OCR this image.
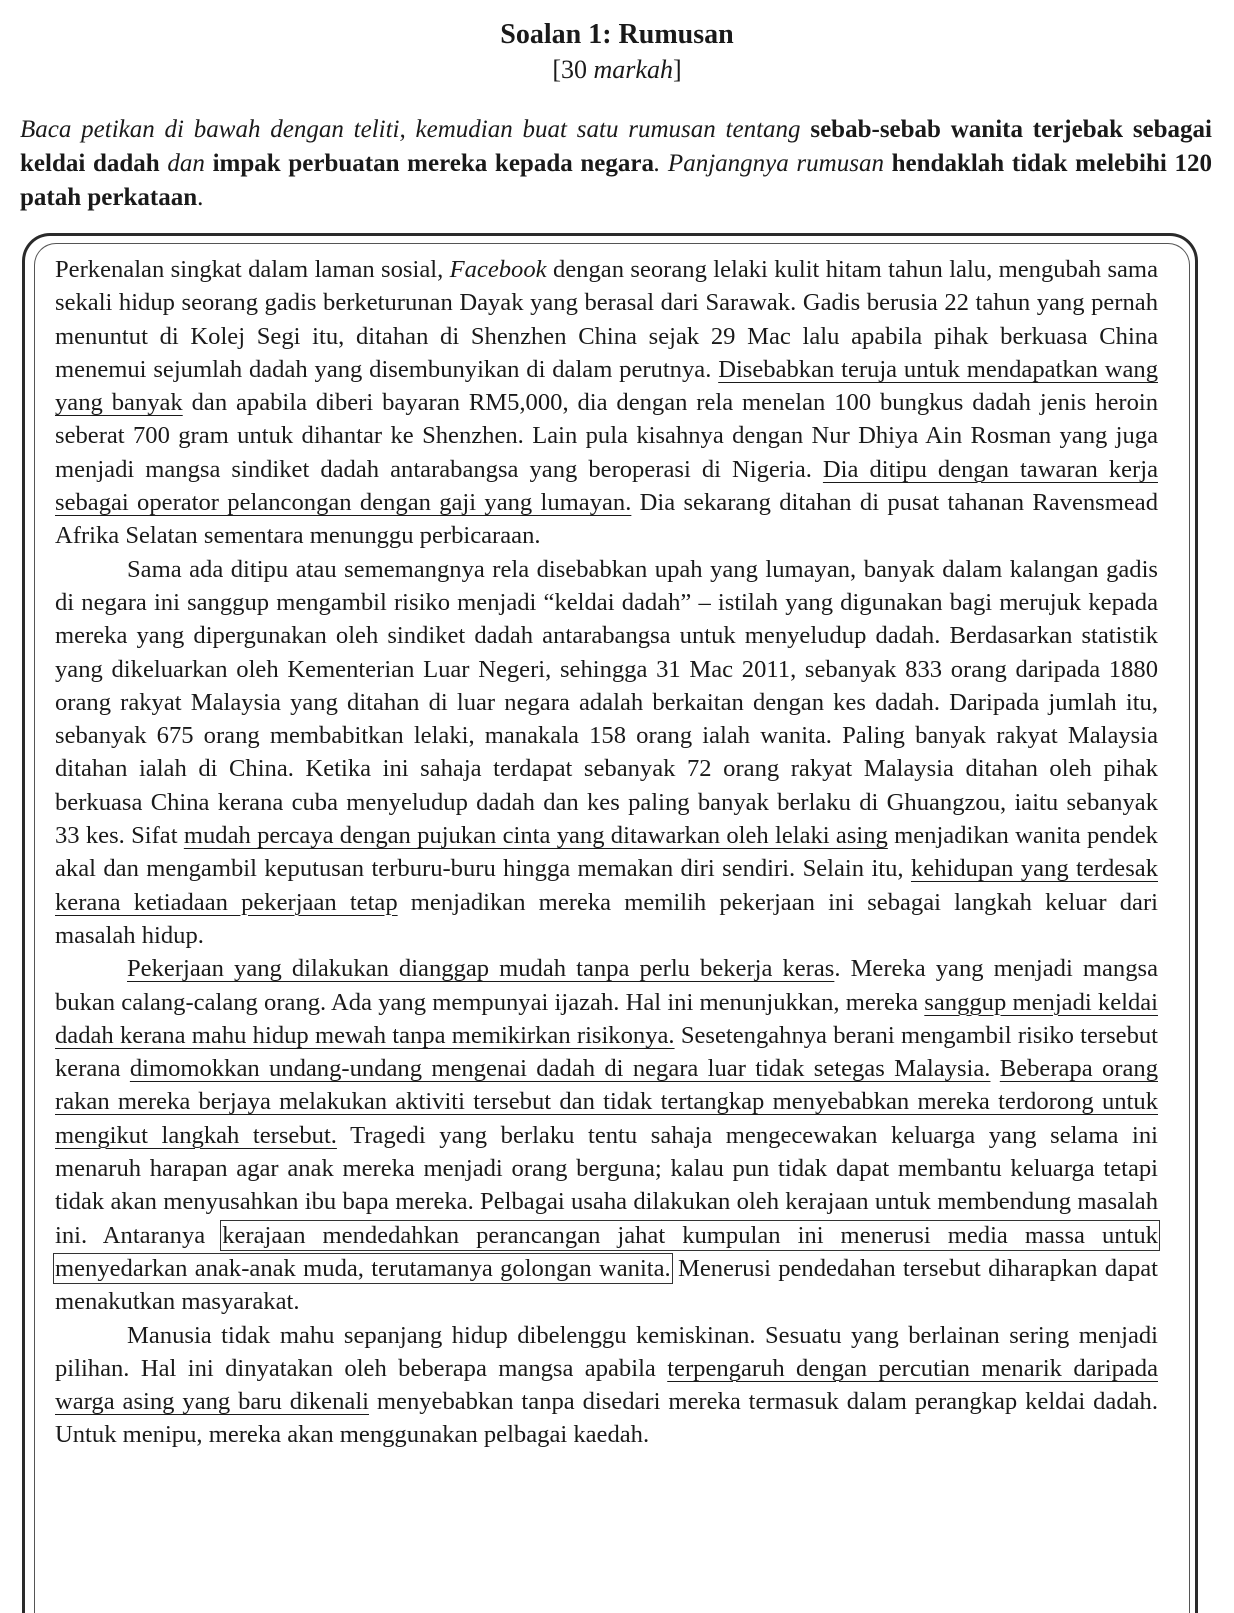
Soalan 1: Rumusan
[30 markah]
Baca petikan di bawah dengan teliti, kemudian buat satu rumusan tentang sebab-sebab wanita terjebak sebagai keldai dadah dan impak perbuatan mereka kepada negara. Panjangnya rumusan hendaklah tidak melebihi 120 patah perkataan.

Perkenalan singkat dalam laman sosial, Facebook dengan seorang lelaki kulit hitam tahun lalu, mengubah sama sekali hidup seorang gadis berketurunan Dayak yang berasal dari Sarawak. Gadis berusia 22 tahun yang pernah menuntut di Kolej Segi itu, ditahan di Shenzhen China sejak 29 Mac lalu apabila pihak berkuasa China menemui sejumlah dadah yang disembunyikan di dalam perutnya. Disebabkan teruja untuk mendapatkan wang yang banyak dan apabila diberi bayaran RM5,000, dia dengan rela menelan 100 bungkus dadah jenis heroin seberat 700 gram untuk dihantar ke Shenzhen. Lain pula kisahnya dengan Nur Dhiya Ain Rosman yang juga menjadi mangsa sindiket dadah antarabangsa yang beroperasi di Nigeria. Dia ditipu dengan tawaran kerja sebagai operator pelancongan dengan gaji yang lumayan. Dia sekarang ditahan di pusat tahanan Ravensmead Afrika Selatan sementara menunggu perbicaraan.

Sama ada ditipu atau sememangnya rela disebabkan upah yang lumayan, banyak dalam kalangan gadis di negara ini sanggup mengambil risiko menjadi “keldai dadah” – istilah yang digunakan bagi merujuk kepada mereka yang dipergunakan oleh sindiket dadah antarabangsa untuk menyeludup dadah. Berdasarkan statistik yang dikeluarkan oleh Kementerian Luar Negeri, sehingga 31 Mac 2011, sebanyak 833 orang daripada 1880 orang rakyat Malaysia yang ditahan di luar negara adalah berkaitan dengan kes dadah. Daripada jumlah itu, sebanyak 675 orang membabitkan lelaki, manakala 158 orang ialah wanita. Paling banyak rakyat Malaysia ditahan ialah di China. Ketika ini sahaja terdapat sebanyak 72 orang rakyat Malaysia ditahan oleh pihak berkuasa China kerana cuba menyeludup dadah dan kes paling banyak berlaku di Ghuangzou, iaitu sebanyak 33 kes. Sifat mudah percaya dengan pujukan cinta yang ditawarkan oleh lelaki asing menjadikan wanita pendek akal dan mengambil keputusan terburu-buru hingga memakan diri sendiri. Selain itu, kehidupan yang terdesak kerana ketiadaan pekerjaan tetap menjadikan mereka memilih pekerjaan ini sebagai langkah keluar dari masalah hidup.

Pekerjaan yang dilakukan dianggap mudah tanpa perlu bekerja keras. Mereka yang menjadi mangsa bukan calang-calang orang. Ada yang mempunyai ijazah. Hal ini menunjukkan, mereka sanggup menjadi keldai dadah kerana mahu hidup mewah tanpa memikirkan risikonya. Sesetengahnya berani mengambil risiko tersebut kerana dimomokkan undang-undang mengenai dadah di negara luar tidak setegas Malaysia. Beberapa orang rakan mereka berjaya melakukan aktiviti tersebut dan tidak tertangkap menyebabkan mereka terdorong untuk mengikut langkah tersebut. Tragedi yang berlaku tentu sahaja mengecewakan keluarga yang selama ini menaruh harapan agar anak mereka menjadi orang berguna; kalau pun tidak dapat membantu keluarga tetapi tidak akan menyusahkan ibu bapa mereka. Pelbagai usaha dilakukan oleh kerajaan untuk membendung masalah ini. Antaranya kerajaan mendedahkan perancangan jahat kumpulan ini menerusi media massa untuk menyedarkan anak-anak muda, terutamanya golongan wanita. Menerusi pendedahan tersebut diharapkan dapat menakutkan masyarakat.

Manusia tidak mahu sepanjang hidup dibelenggu kemiskinan. Sesuatu yang berlainan sering menjadi pilihan. Hal ini dinyatakan oleh beberapa mangsa apabila terpengaruh dengan percutian menarik daripada warga asing yang baru dikenali menyebabkan tanpa disedari mereka termasuk dalam perangkap keldai dadah. Untuk menipu, mereka akan menggunakan pelbagai kaedah.
